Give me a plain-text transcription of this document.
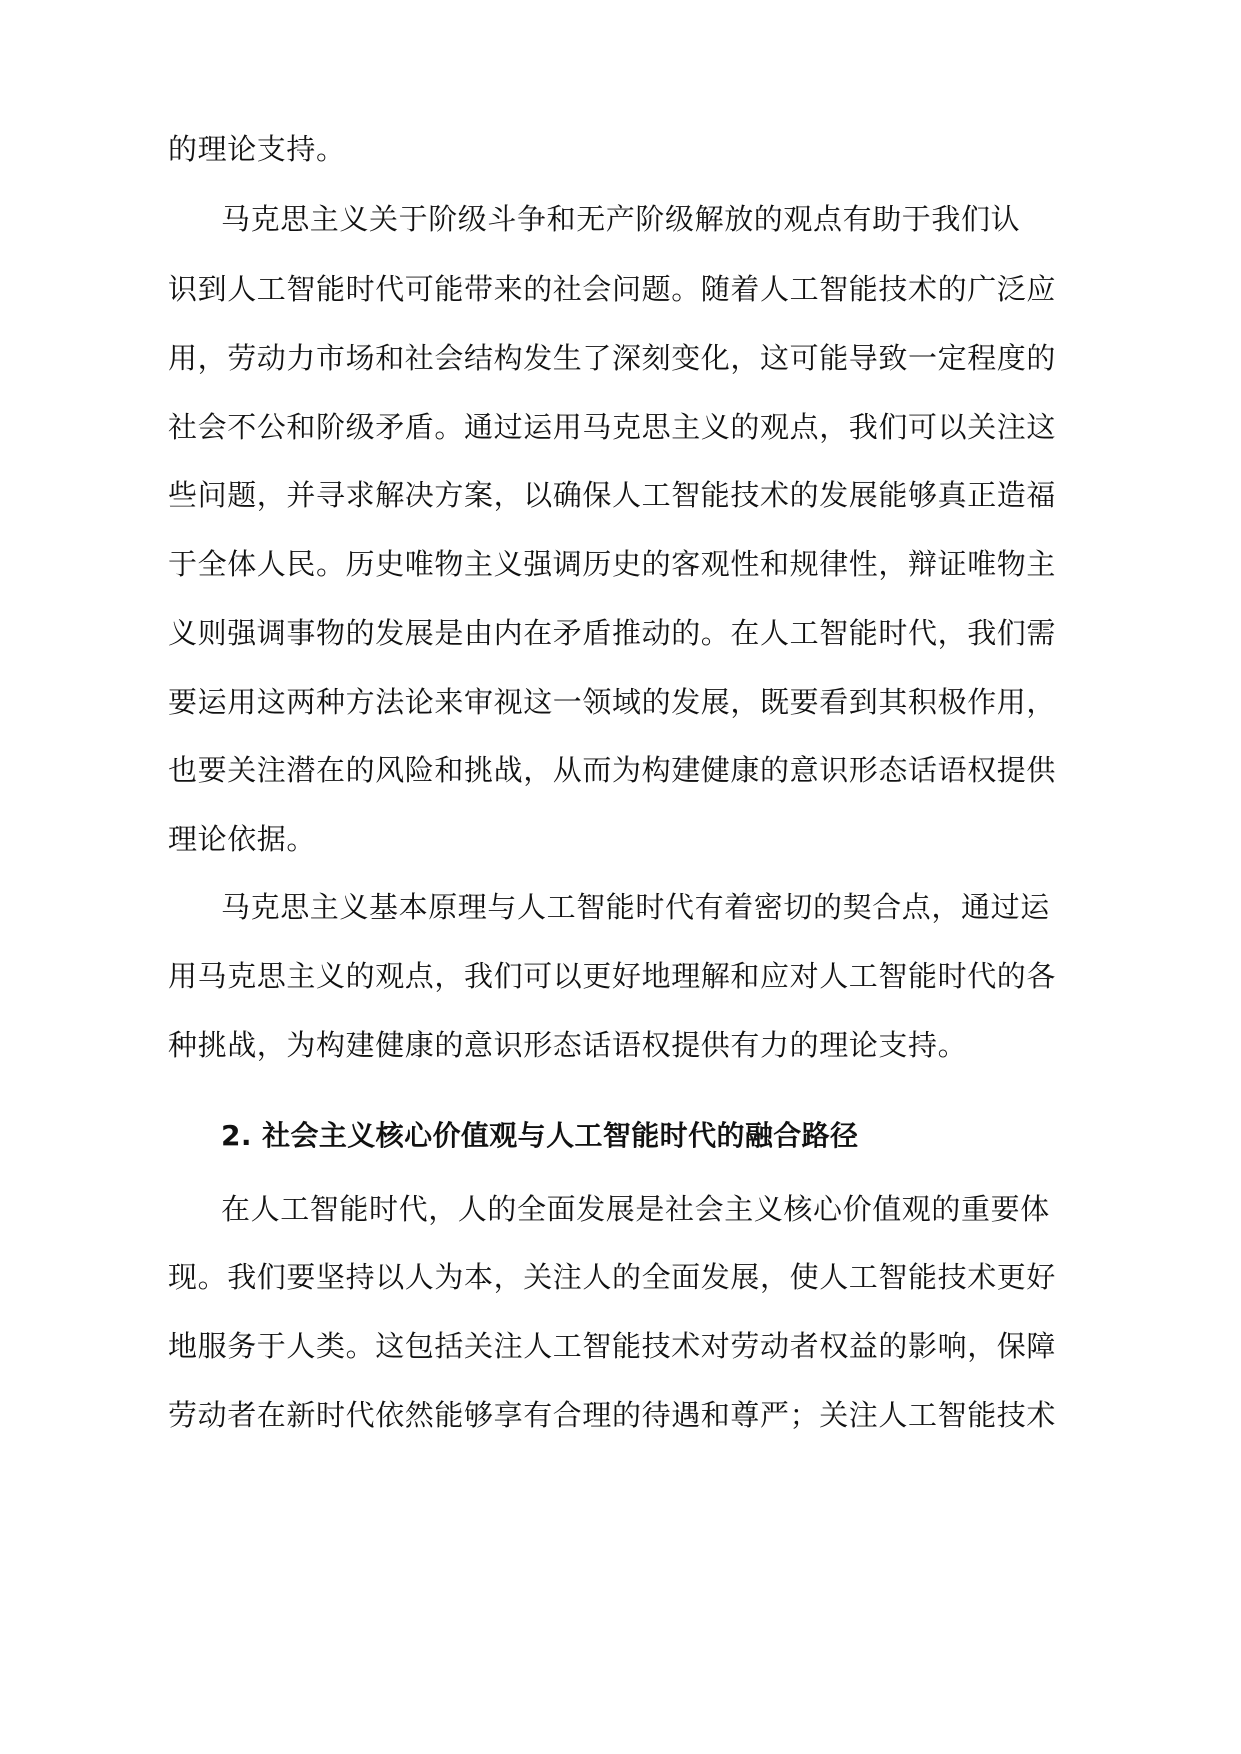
的理论支持。
马克思主义关于阶级斗争和无产阶级解放的观点有助于我们认
识到人工智能时代可能带来的社会问题。随着人工智能技术的广泛应
用，劳动力市场和社会结构发生了深刻变化，这可能导致一定程度的
社会不公和阶级矛盾。通过运用马克思主义的观点，我们可以关注这
些问题，并寻求解决方案，以确保人工智能技术的发展能够真正造福
于全体人民。历史唯物主义强调历史的客观性和规律性，辩证唯物主
义则强调事物的发展是由内在矛盾推动的。在人工智能时代，我们需
要运用这两种方法论来审视这一领域的发展，既要看到其积极作用，
也要关注潜在的风险和挑战，从而为构建健康的意识形态话语权提供
理论依据。
马克思主义基本原理与人工智能时代有着密切的契合点，通过运
用马克思主义的观点，我们可以更好地理解和应对人工智能时代的各
种挑战，为构建健康的意识形态话语权提供有力的理论支持。
2. 社会主义核心价值观与人工智能时代的融合路径
在人工智能时代，人的全面发展是社会主义核心价值观的重要体
现。我们要坚持以人为本，关注人的全面发展，使人工智能技术更好
地服务于人类。这包括关注人工智能技术对劳动者权益的影响，保障
劳动者在新时代依然能够享有合理的待遇和尊严；关注人工智能技术
